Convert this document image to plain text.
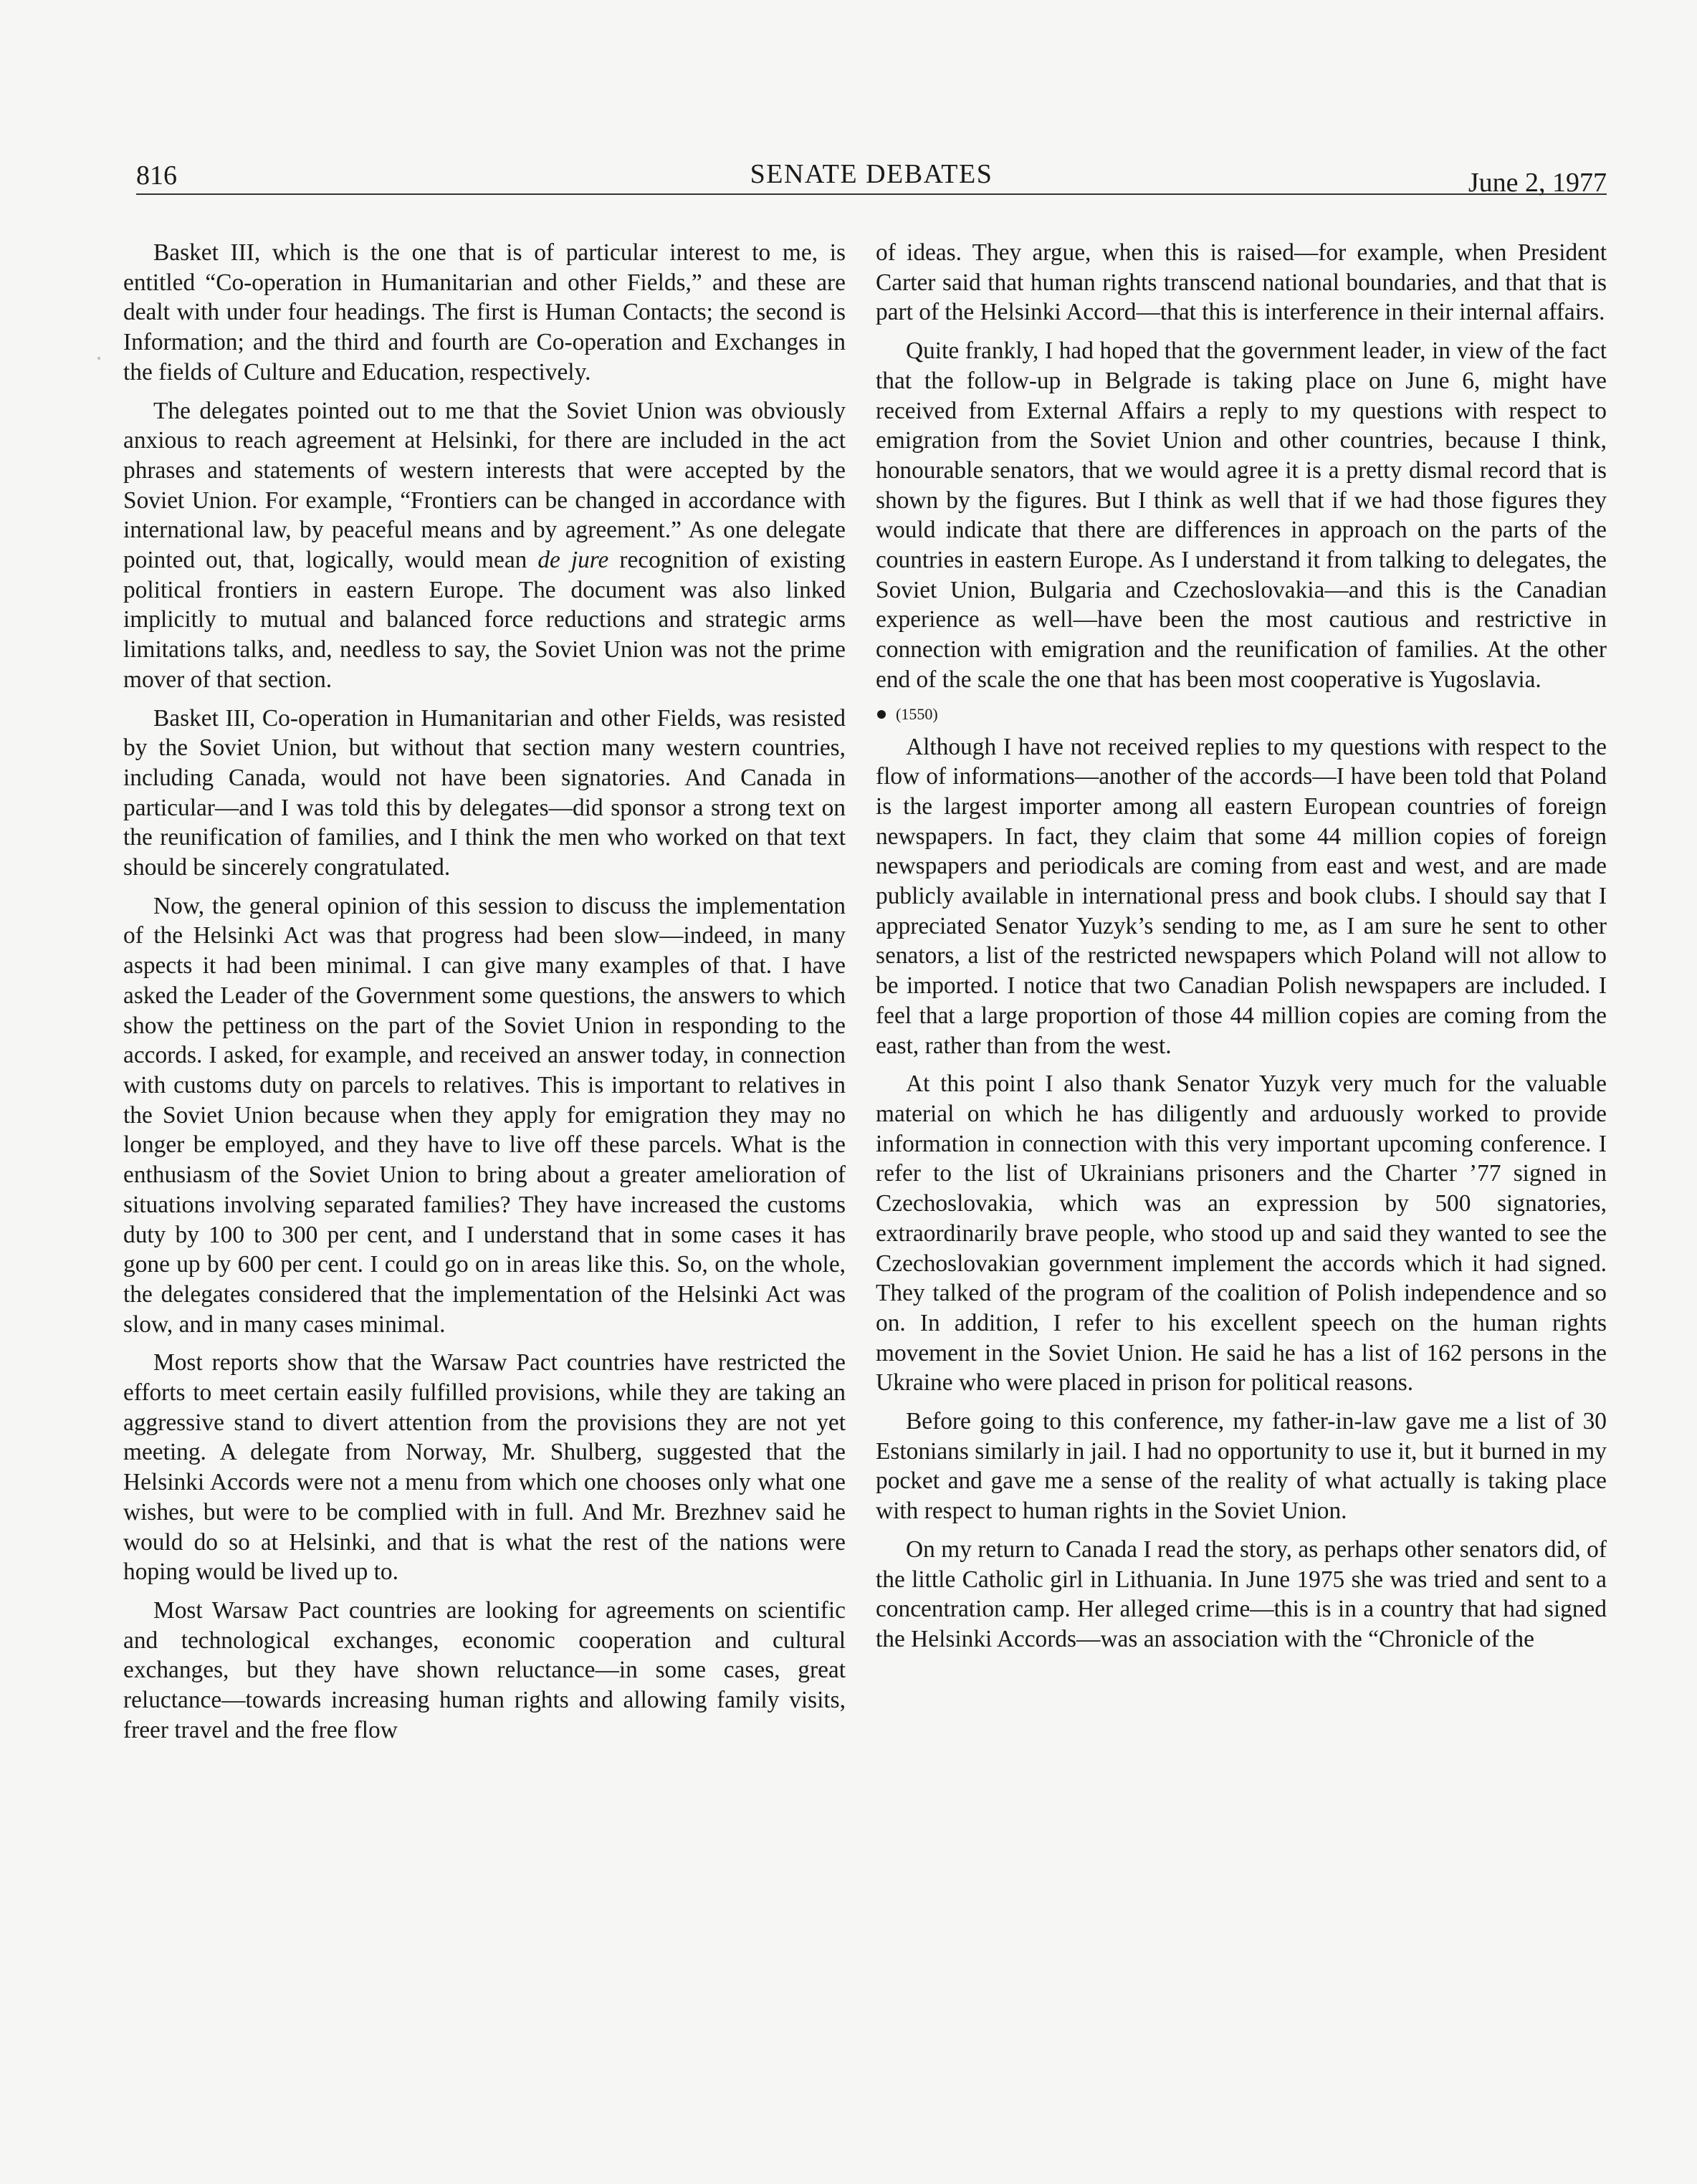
816	SENATE DEBATES	June 2, 1977

Basket III, which is the one that is of particular interest to me, is entitled “Co-operation in Humanitarian and other Fields,” and these are dealt with under four headings. The first is Human Contacts; the second is Information; and the third and fourth are Co-operation and Exchanges in the fields of Culture and Education, respectively.

The delegates pointed out to me that the Soviet Union was obviously anxious to reach agreement at Helsinki, for there are included in the act phrases and statements of western interests that were accepted by the Soviet Union. For example, “Frontiers can be changed in accordance with international law, by peaceful means and by agreement.” As one delegate pointed out, that, logically, would mean de jure recognition of existing political frontiers in eastern Europe. The document was also linked implicitly to mutual and balanced force reductions and strategic arms limitations talks, and, needless to say, the Soviet Union was not the prime mover of that section.

Basket III, Co-operation in Humanitarian and other Fields, was resisted by the Soviet Union, but without that section many western countries, including Canada, would not have been signatories. And Canada in particular—and I was told this by delegates—did sponsor a strong text on the reunification of families, and I think the men who worked on that text should be sincerely congratulated.

Now, the general opinion of this session to discuss the implementation of the Helsinki Act was that progress had been slow—indeed, in many aspects it had been minimal. I can give many examples of that. I have asked the Leader of the Government some questions, the answers to which show the pettiness on the part of the Soviet Union in responding to the accords. I asked, for example, and received an answer today, in connection with customs duty on parcels to relatives. This is important to relatives in the Soviet Union because when they apply for emigration they may no longer be employed, and they have to live off these parcels. What is the enthusiasm of the Soviet Union to bring about a greater amelioration of situations involving separated families? They have increased the customs duty by 100 to 300 per cent, and I understand that in some cases it has gone up by 600 per cent. I could go on in areas like this. So, on the whole, the delegates considered that the implementation of the Helsinki Act was slow, and in many cases minimal.

Most reports show that the Warsaw Pact countries have restricted the efforts to meet certain easily fulfilled provisions, while they are taking an aggressive stand to divert attention from the provisions they are not yet meeting. A delegate from Norway, Mr. Shulberg, suggested that the Helsinki Accords were not a menu from which one chooses only what one wishes, but were to be complied with in full. And Mr. Brezhnev said he would do so at Helsinki, and that is what the rest of the nations were hoping would be lived up to.

Most Warsaw Pact countries are looking for agreements on scientific and technological exchanges, economic cooperation and cultural exchanges, but they have shown reluctance—in some cases, great reluctance—towards increasing human rights and allowing family visits, freer travel and the free flow

of ideas. They argue, when this is raised—for example, when President Carter said that human rights transcend national boundaries, and that that is part of the Helsinki Accord—that this is interference in their internal affairs.

Quite frankly, I had hoped that the government leader, in view of the fact that the follow-up in Belgrade is taking place on June 6, might have received from External Affairs a reply to my questions with respect to emigration from the Soviet Union and other countries, because I think, honourable senators, that we would agree it is a pretty dismal record that is shown by the figures. But I think as well that if we had those figures they would indicate that there are differences in approach on the parts of the countries in eastern Europe. As I understand it from talking to delegates, the Soviet Union, Bulgaria and Czechoslovakia—and this is the Canadian experience as well—have been the most cautious and restrictive in connection with emigration and the reunification of families. At the other end of the scale the one that has been most cooperative is Yugoslavia.

(1550)

Although I have not received replies to my questions with respect to the flow of informations—another of the accords—I have been told that Poland is the largest importer among all eastern European countries of foreign newspapers. In fact, they claim that some 44 million copies of foreign newspapers and periodicals are coming from east and west, and are made publicly available in international press and book clubs. I should say that I appreciated Senator Yuzyk’s sending to me, as I am sure he sent to other senators, a list of the restricted newspapers which Poland will not allow to be imported. I notice that two Canadian Polish newspapers are included. I feel that a large proportion of those 44 million copies are coming from the east, rather than from the west.

At this point I also thank Senator Yuzyk very much for the valuable material on which he has diligently and arduously worked to provide information in connection with this very important upcoming conference. I refer to the list of Ukrainians prisoners and the Charter ’77 signed in Czechoslovakia, which was an expression by 500 signatories, extraordinarily brave people, who stood up and said they wanted to see the Czechoslovakian government implement the accords which it had signed. They talked of the program of the coalition of Polish independence and so on. In addition, I refer to his excellent speech on the human rights movement in the Soviet Union. He said he has a list of 162 persons in the Ukraine who were placed in prison for political reasons.

Before going to this conference, my father-in-law gave me a list of 30 Estonians similarly in jail. I had no opportunity to use it, but it burned in my pocket and gave me a sense of the reality of what actually is taking place with respect to human rights in the Soviet Union.

On my return to Canada I read the story, as perhaps other senators did, of the little Catholic girl in Lithuania. In June 1975 she was tried and sent to a concentration camp. Her alleged crime—this is in a country that had signed the Helsinki Accords—was an association with the “Chronicle of the
